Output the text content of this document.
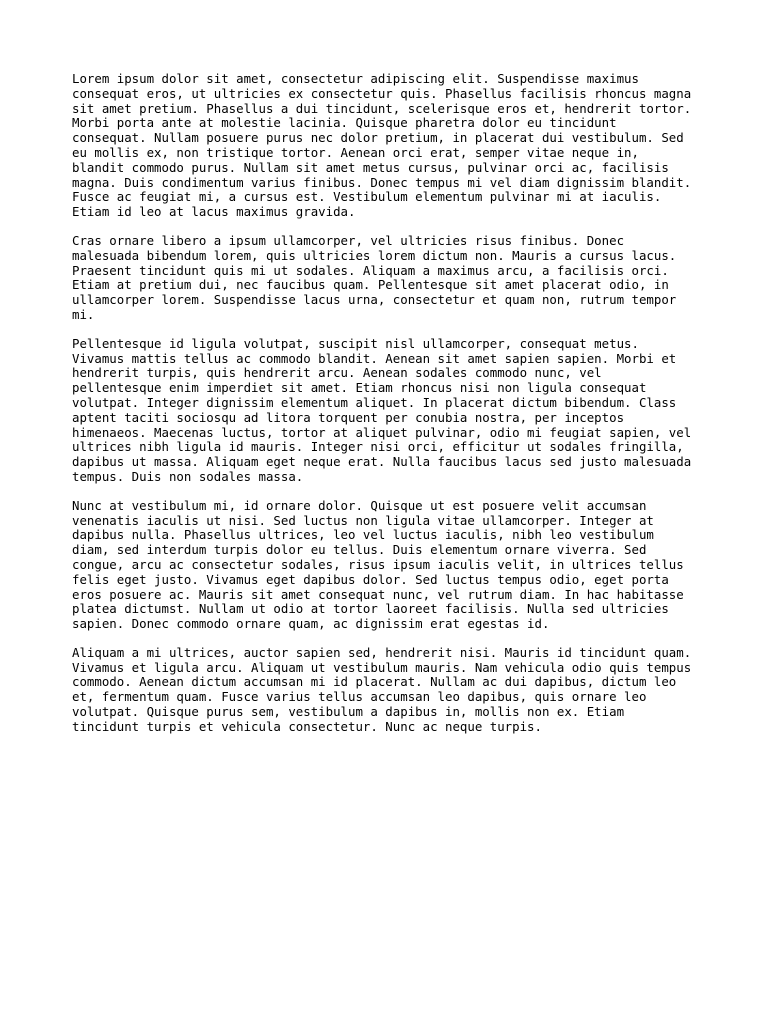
Lorem ipsum dolor sit amet, consectetur adipiscing elit. Suspendisse maximus
consequat eros, ut ultricies ex consectetur quis. Phasellus facilisis rhoncus magna
sit amet pretium. Phasellus a dui tincidunt, scelerisque eros et, hendrerit tortor.
Morbi porta ante at molestie lacinia. Quisque pharetra dolor eu tincidunt
consequat. Nullam posuere purus nec dolor pretium, in placerat dui vestibulum. Sed
eu mollis ex, non tristique tortor. Aenean orci erat, semper vitae neque in,
blandit commodo purus. Nullam sit amet metus cursus, pulvinar orci ac, facilisis
magna. Duis condimentum varius finibus. Donec tempus mi vel diam dignissim blandit.
Fusce ac feugiat mi, a cursus est. Vestibulum elementum pulvinar mi at iaculis.
Etiam id leo at lacus maximus gravida.

Cras ornare libero a ipsum ullamcorper, vel ultricies risus finibus. Donec
malesuada bibendum lorem, quis ultricies lorem dictum non. Mauris a cursus lacus.
Praesent tincidunt quis mi ut sodales. Aliquam a maximus arcu, a facilisis orci.
Etiam at pretium dui, nec faucibus quam. Pellentesque sit amet placerat odio, in
ullamcorper lorem. Suspendisse lacus urna, consectetur et quam non, rutrum tempor
mi.

Pellentesque id ligula volutpat, suscipit nisl ullamcorper, consequat metus.
Vivamus mattis tellus ac commodo blandit. Aenean sit amet sapien sapien. Morbi et
hendrerit turpis, quis hendrerit arcu. Aenean sodales commodo nunc, vel
pellentesque enim imperdiet sit amet. Etiam rhoncus nisi non ligula consequat
volutpat. Integer dignissim elementum aliquet. In placerat dictum bibendum. Class
aptent taciti sociosqu ad litora torquent per conubia nostra, per inceptos
himenaeos. Maecenas luctus, tortor at aliquet pulvinar, odio mi feugiat sapien, vel
ultrices nibh ligula id mauris. Integer nisi orci, efficitur ut sodales fringilla,
dapibus ut massa. Aliquam eget neque erat. Nulla faucibus lacus sed justo malesuada
tempus. Duis non sodales massa.

Nunc at vestibulum mi, id ornare dolor. Quisque ut est posuere velit accumsan
venenatis iaculis ut nisi. Sed luctus non ligula vitae ullamcorper. Integer at
dapibus nulla. Phasellus ultrices, leo vel luctus iaculis, nibh leo vestibulum
diam, sed interdum turpis dolor eu tellus. Duis elementum ornare viverra. Sed
congue, arcu ac consectetur sodales, risus ipsum iaculis velit, in ultrices tellus
felis eget justo. Vivamus eget dapibus dolor. Sed luctus tempus odio, eget porta
eros posuere ac. Mauris sit amet consequat nunc, vel rutrum diam. In hac habitasse
platea dictumst. Nullam ut odio at tortor laoreet facilisis. Nulla sed ultricies
sapien. Donec commodo ornare quam, ac dignissim erat egestas id.

Aliquam a mi ultrices, auctor sapien sed, hendrerit nisi. Mauris id tincidunt quam.
Vivamus et ligula arcu. Aliquam ut vestibulum mauris. Nam vehicula odio quis tempus
commodo. Aenean dictum accumsan mi id placerat. Nullam ac dui dapibus, dictum leo
et, fermentum quam. Fusce varius tellus accumsan leo dapibus, quis ornare leo
volutpat. Quisque purus sem, vestibulum a dapibus in, mollis non ex. Etiam
tincidunt turpis et vehicula consectetur. Nunc ac neque turpis.
